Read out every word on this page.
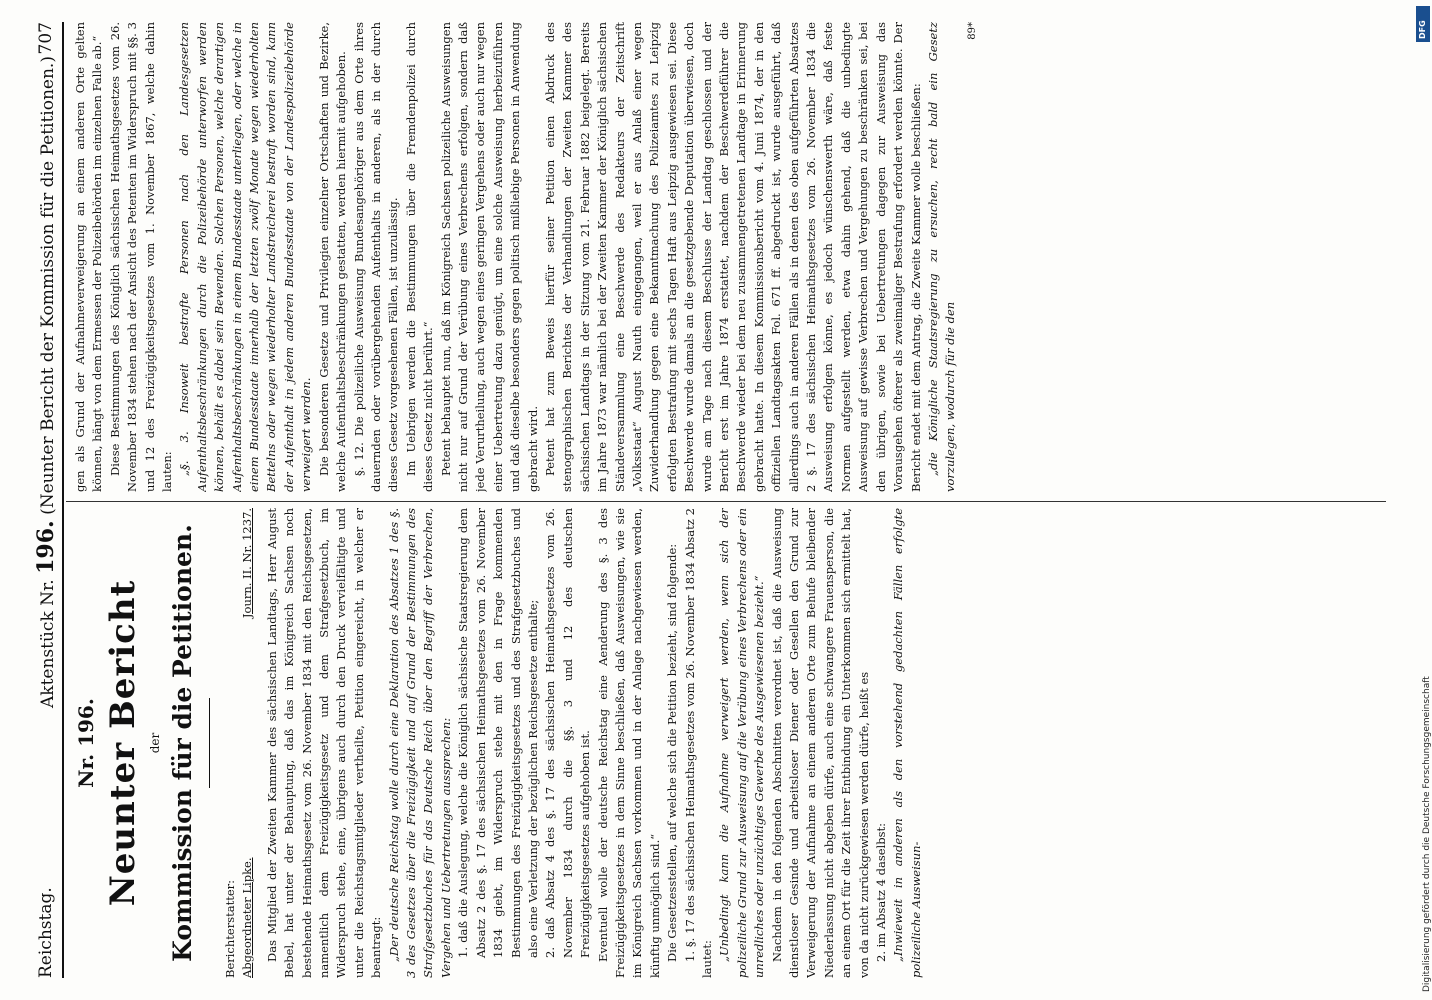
Reichstag.
Aktenstück Nr. 196. (Neunter Bericht der Kommission für die Petitionen.)
707
Nr. 196. Neunter Bericht der Kommission für die Petitionen. Berichterstatter: Abgeordneter Lipke.
Journ. II. Nr. 1237. Das Mitglied der Zweiten Kammer des sächsischen Landtags, Herr August Bebel, hat unter der Behauptung, daß das im Königreich Sachsen noch bestehende Heimathsgesetz vom 26. November 1834 mit den Reichsgesetzen, namentlich dem Freizügigkeitsgesetz und dem Strafgesetzbuch, im Widerspruch stehe, eine, übrigens auch durch den Druck vervielfältigte und unter die Reichstagsmitglieder vertheilte, Petition eingereicht, in welcher er beantragt: „Der deutsche Reichstag wolle durch eine Deklaration des Absatzes 1 des §. 3 des Gesetzes über die Freizügigkeit und auf Grund der Bestimmungen des Strafgesetzbuches für das Deutsche Reich über den Begriff der Verbrechen, Vergehen und Uebertretungen aussprechen: 1. daß die Auslegung, welche die Königlich sächsische Staatsregierung dem Absatz 2 des §. 17 des sächsischen Heimathsgesetzes vom 26. November 1834 giebt, im Widerspruch stehe mit den in Frage kommenden Bestimmungen des Freizügigkeitsgesetzes und des Strafgesetzbuches und also eine Verletzung der bezüglichen Reichsgesetze enthalte; 2. daß Absatz 4 des §. 17 des sächsischen Heimathsgesetzes vom 26. November 1834 durch die §§. 3 und 12 des deutschen Freizügigkeitsgesetzes aufgehoben ist. Eventuell wolle der deutsche Reichstag eine Aenderung des §. 3 des Freizügigkeitsgesetzes in dem Sinne beschließen, daß Ausweisungen, wie sie im Königreich Sachsen vorkommen und in der Anlage nachgewiesen werden, künftig unmöglich sind.“ Die Gesetzesstellen, auf welche sich die Petition bezieht, sind folgende: 1. §. 17 des sächsischen Heimathsgesetzes vom 26. November 1834 Absatz 2 lautet: „Unbedingt kann die Aufnahme verweigert werden, wenn sich der polizeiliche Grund zur Ausweisung auf die Verübung eines Verbrechens oder ein unredliches oder unzüchtiges Gewerbe des Ausgewiesenen bezieht.“ Nachdem in den folgenden Abschnitten verordnet ist, daß die Ausweisung dienstloser Gesinde und arbeitsloser Diener oder Gesellen den Grund zur Verweigerung der Aufnahme an einem anderen Orte zum Behufe bleibender Niederlassung nicht abgeben dürfe, auch eine schwangere Frauensperson, die an einem Ort für die Zeit ihrer Entbindung ein Unterkommen sich ermittelt hat, von da nicht zurückgewiesen werden dürfe, heißt es 2. im Absatz 4 daselbst: „Inwieweit in anderen als den vorstehend gedachten Fällen erfolgte polizeiliche Ausweisun-

gen als Grund der Aufnahmeverweigerung an einem anderen Orte gelten können, hängt von dem Ermessen der Polizeibehörden im einzelnen Falle ab.“ Diese Bestimmungen des Königlich sächsischen Heimathsgesetzes vom 26. November 1834 stehen nach der Ansicht des Petenten im Widerspruch mit §§. 3 und 12 des Freizügigkeitsgesetzes vom 1. November 1867, welche dahin lauten: „§. 3. Insoweit bestrafte Personen nach den Landesgesetzen Aufenthaltsbeschränkungen durch die Polizeibehörde unterworfen werden können, behält es dabei sein Bewenden. Solchen Personen, welche derartigen Aufenthaltsbeschränkungen in einem Bundesstaate unterliegen, oder welche in einem Bundesstaate innerhalb der letzten zwölf Monate wegen wiederholten Bettelns oder wegen wiederholter Landstreicherei bestraft worden sind, kann der Aufenthalt in jedem anderen Bundesstaate von der Landespolizeibehörde verweigert werden. Die besonderen Gesetze und Privilegien einzelner Ortschaften und Bezirke, welche Aufenthaltsbeschränkungen gestatten, werden hiermit aufgehoben. §. 12. Die polizeiliche Ausweisung Bundesangehöriger aus dem Orte ihres dauernden oder vorübergehenden Aufenthalts in anderen, als in der durch dieses Gesetz vorgesehenen Fällen, ist unzulässig. Im Uebrigen werden die Bestimmungen über die Fremdenpolizei durch dieses Gesetz nicht berührt.“ Petent behauptet nun, daß im Königreich Sachsen polizeiliche Ausweisungen nicht nur auf Grund der Verübung eines Verbrechens erfolgen, sondern daß jede Verurtheilung, auch wegen eines geringen Vergehens oder auch nur wegen einer Uebertretung dazu genügt, um eine solche Ausweisung herbeizuführen und daß dieselbe besonders gegen politisch mißliebige Personen in Anwendung gebracht wird. Petent hat zum Beweis hierfür seiner Petition einen Abdruck des stenographischen Berichtes der Verhandlungen der Zweiten Kammer des sächsischen Landtags in der Sitzung vom 21. Februar 1882 beigelegt. Bereits im Jahre 1873 war nämlich bei der Zweiten Kammer der Königlich sächsischen Ständeversammlung eine Beschwerde des Redakteurs der Zeitschrift „Volksstaat“ August Nauth eingegangen, weil er aus Anlaß einer wegen Zuwiderhandlung gegen eine Bekanntmachung des Polizeiamtes zu Leipzig erfolgten Bestrafung mit sechs Tagen Haft aus Leipzig ausgewiesen sei. Diese Beschwerde wurde damals an die gesetzgebende Deputation überwiesen, doch wurde am Tage nach diesem Beschlusse der Landtag geschlossen und der Bericht erst im Jahre 1874 erstattet, nachdem der Beschwerdeführer die Beschwerde wieder bei dem neu zusammengetretenen Landtage in Erinnerung gebracht hatte. In diesem Kommissionsbericht vom 4. Juni 1874, der in den offiziellen Landtagsakten Fol. 671 ff. abgedruckt ist, wurde ausgeführt, daß allerdings auch in anderen Fällen als in denen des oben aufgeführten Absatzes 2 §. 17 des sächsischen Heimathsgesetzes vom 26. November 1834 die Ausweisung erfolgen könne, es jedoch wünschenswerth wäre, daß feste Normen aufgestellt werden, etwa dahin gehend, daß die unbedingte Ausweisung auf gewisse Verbrechen und Vergehungen zu beschränken sei, bei den übrigen, sowie bei Uebertretungen dagegen zur Ausweisung das Vorausgehen öfterer als zweimaliger Bestrafung erfordert werden könnte. Der Bericht endet mit dem Antrag, die Zweite Kammer wolle beschließen: „die Königliche Staatsregierung zu ersuchen, recht bald ein Gesetz vorzulegen, wodurch für die den

89*	DFG
Digitalisierung gefördert durch die Deutsche Forschungsgemeinschaft
